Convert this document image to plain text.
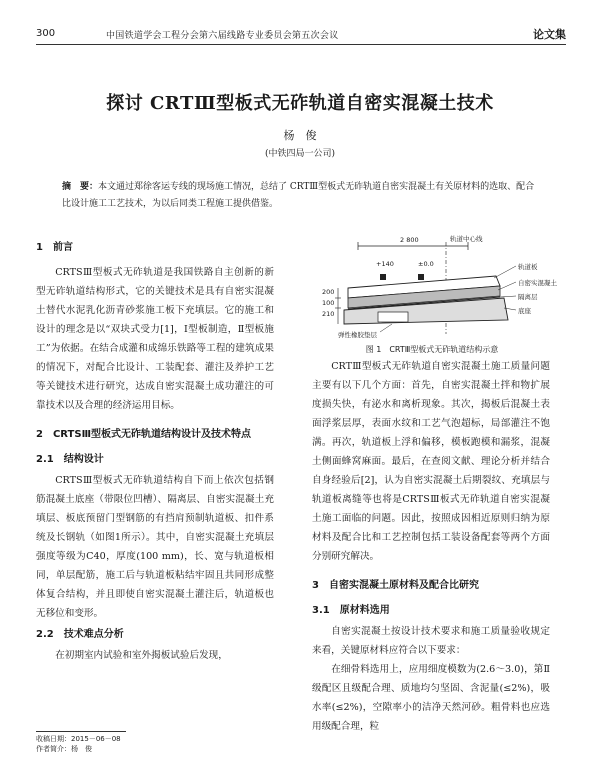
300	中国铁道学会工程分会第六届线路专业委员会第五次会议	论文集
探讨 CRTⅢ型板式无砟轨道自密实混凝土技术
杨　俊
(中铁四局一公司)
摘　要：本文通过郑徐客运专线的现场施工情况，总结了 CRTⅢ型板式无砟轨道自密实混凝土有关原材料的选取、配合比设计施工工艺技术，为以后同类工程施工提供借鉴。
1　前言

CRTSⅢ型板式无砟轨道是我国铁路自主创新的新型无砟轨道结构形式，它的关键技术是具有自密实混凝土替代水泥乳化沥青砂浆施工板下充填层。它的施工和设计的理念是以“双块式受力[1]，Ⅰ型板制造，Ⅱ型板施工”为依据。在结合成灌和成绵乐铁路等工程的建筑成果的情况下，对配合比设计、工装配套、灌注及养护工艺等关键技术进行研究，达成自密实混凝土成功灌注的可靠技术以及合理的经济运用目标。

2　CRTSⅢ型板式无砟轨道结构设计及技术特点
2.1　结构设计

CRTSⅢ型板式无砟轨道结构自下而上依次包括钢筋混凝土底座（带限位凹槽）、隔离层、自密实混凝土充填层、板底预留门型钢筋的有挡肩预制轨道板、扣件系统及长钢轨（如图1所示）。其中，自密实混凝土充填层强度等级为C40，厚度(100 mm)，长、宽与轨道板相同，单层配筋，施工后与轨道板粘结牢固且共同形成整体复合结构，并且即使自密实混凝土灌注后，轨道板也无移位和变形。

2.2　技术难点分析

在初期室内试验和室外揭板试验后发现，

2 800	轨道中心线
+140	±0.0	轨道板
自密实混凝土
隔离层
底座
弹性橡胶垫层
200
100
210
图 1　CRTⅢ型板式无砟轨道结构示意

CRTⅢ型板式无砟轨道自密实混凝土施工质量问题主要有以下几个方面：首先，自密实混凝土拌和物扩展度损失快，有泌水和离析现象。其次，揭板后混凝土表面浮浆层厚，表面水纹和工艺气泡超标，局部灌注不饱满。再次，轨道板上浮和偏移，模板跑模和漏浆，混凝土侧面蜂窝麻面。最后，在查阅文献、理论分析并结合自身经验后[2]，认为自密实混凝土后期裂纹、充填层与轨道板离缝等也将是CRTSⅢ板式无砟轨道自密实混凝土施工面临的问题。因此，按照成因相近原则归纳为原材料及配合比和工艺控制包括工装设备配套等两个方面分别研究解决。

3　自密实混凝土原材料及配合比研究
3.1　原材料选用

自密实混凝土按设计技术要求和施工质量验收规定来看，关键原材料应符合以下要求：

在细骨料选用上，应用细度模数为(2.6～3.0)，第Ⅱ级配区且级配合理、质地均匀坚固、含泥量(≤2%)，吸水率(≤2%)，空隙率小的洁净天然河砂。粗骨料也应选用级配合理，粒

收稿日期：2015－06－08
作者简介：杨　俊
